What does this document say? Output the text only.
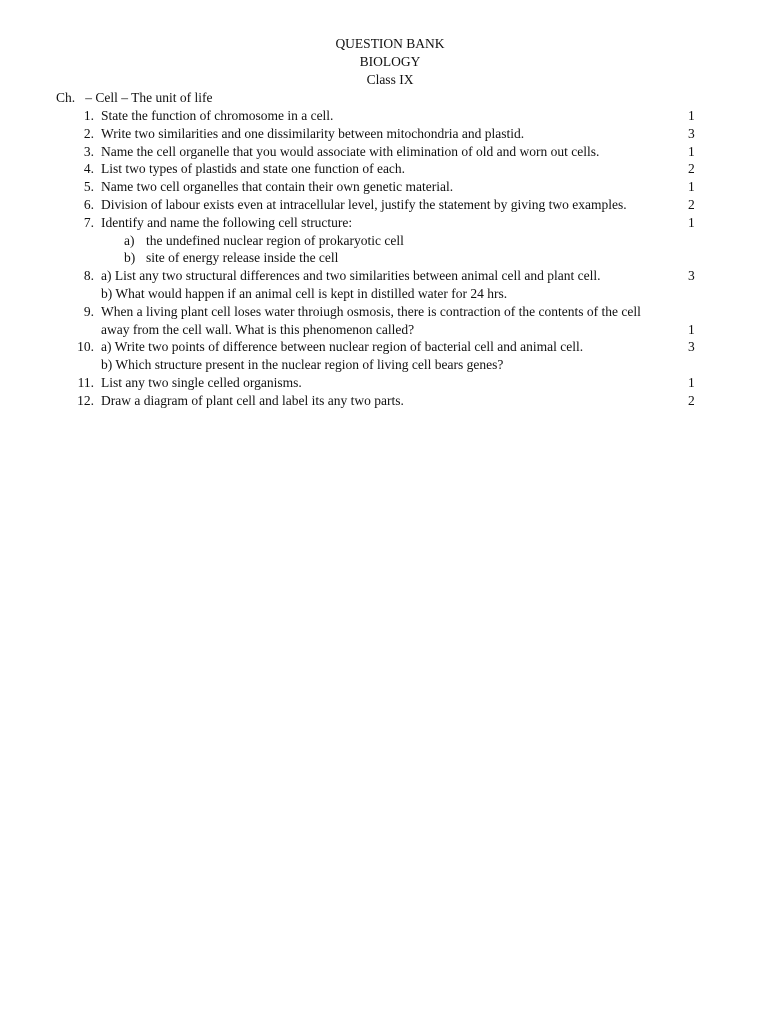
QUESTION BANK
BIOLOGY
Class IX
Ch.   – Cell – The unit of life
1. State the function of chromosome in a cell.	1
2. Write two similarities and one dissimilarity between mitochondria and plastid.	3
3. Name the cell organelle that you would associate with elimination of old and worn out cells.	1
4. List two types of plastids and state one function of each.	2
5. Name two cell organelles that contain their own genetic material.	1
6. Division of labour exists even at intracellular level, justify the statement by giving two examples.	2
7. Identify and name the following cell structure:	1
a) the undefined nuclear region of prokaryotic cell
b) site of energy release inside the cell
8. a) List any two structural differences and two similarities between animal cell and plant cell.	3
b) What would happen if an animal cell is kept in distilled water for 24 hrs.
9. When a living plant cell loses water throiugh osmosis, there is contraction of the contents of the cell
away from the cell wall. What is this phenomenon called?	1
10. a) Write two points of difference between nuclear region of bacterial cell and animal cell.	3
b) Which structure present in the nuclear region of living cell bears genes?
11. List any two single celled organisms.	1
12. Draw a diagram of plant cell and label its any two parts.	2
